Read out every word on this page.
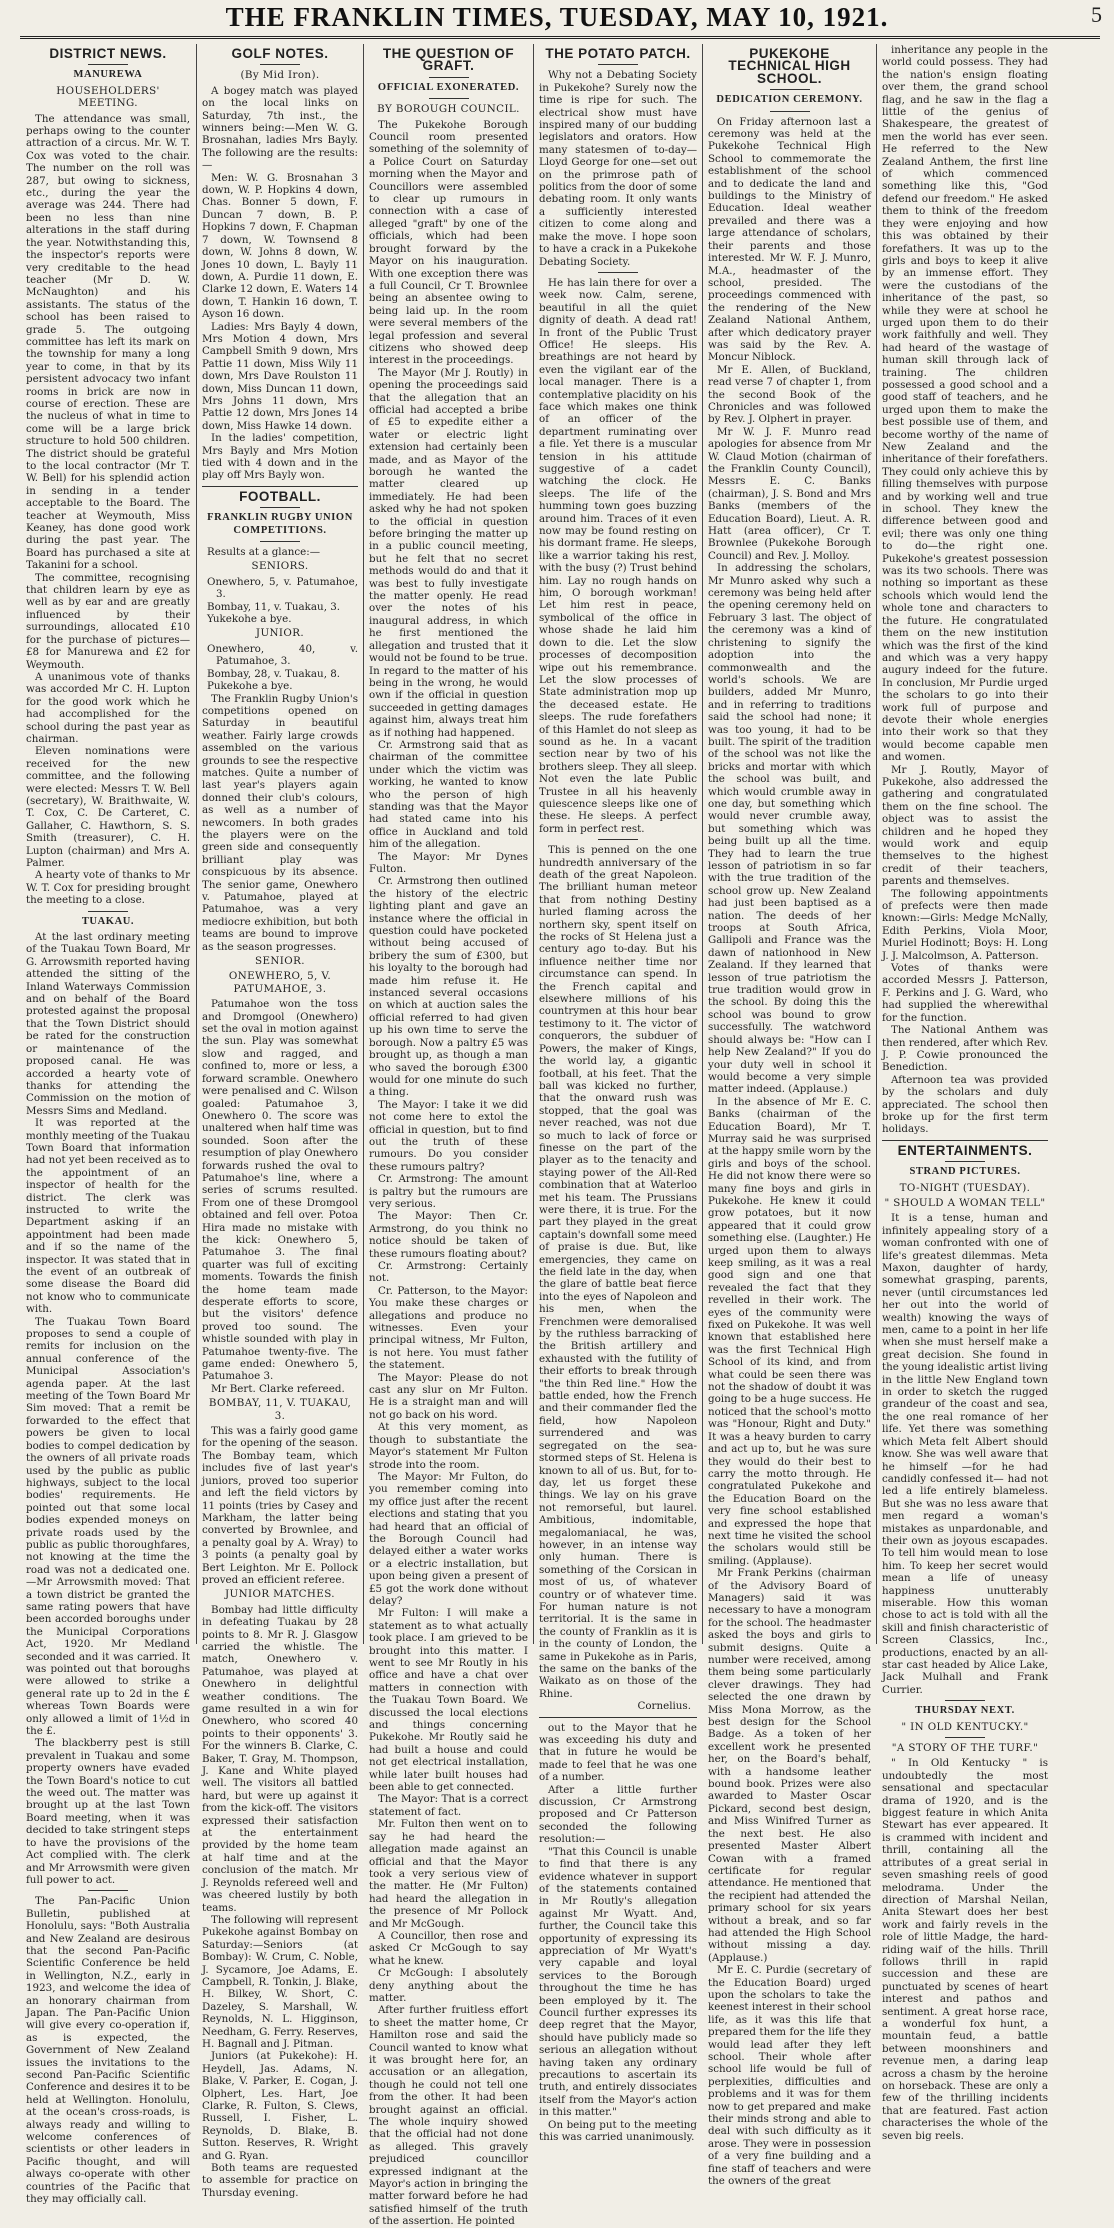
THE FRANKLIN TIMES, TUESDAY, MAY 10, 1921.	5
DISTRICT NEWS.
MANUREWA
HOUSEHOLDERS' MEETING.

The attendance was small, perhaps owing to the counter attraction of a circus. Mr. W. T. Cox was voted to the chair. The number on the roll was 287, but owing to sickness, etc., during the year the average was 244. There had been no less than nine alterations in the staff during the year. Notwithstanding this, the inspector's reports were very creditable to the head teacher (Mr D. W. McNaughton) and his assistants. The status of the school has been raised to grade 5. The outgoing committee has left its mark on the township for many a long year to come, in that by its persistent advocacy two infant rooms in brick are now in course of erection. These are the nucleus of what in time to come will be a large brick structure to hold 500 children. The district should be grateful to the local contractor (Mr T. W. Bell) for his splendid action in sending in a tender acceptable to the Board. The teacher at Weymouth, Miss Keaney, has done good work during the past year. The Board has purchased a site at Takanini for a school.

The committee, recognising that children learn by eye as well as by ear and are greatly influenced by their surroundings, allocated £10 for the purchase of pictures—£8 for Manurewa and £2 for Weymouth.

A unanimous vote of thanks was accorded Mr C. H. Lupton for the good work which he had accomplished for the school during the past year as chairman.

Eleven nominations were received for the new committee, and the following were elected: Messrs T. W. Bell (secretary), W. Braithwaite, W. T. Cox, C. De Carteret, C. Gallaher, C. Hawthorn, S. S. Smith (treasurer), C. H. Lupton (chairman) and Mrs A. Palmer.

A hearty vote of thanks to Mr W. T. Cox for presiding brought the meeting to a close.

TUAKAU.

At the last ordinary meeting of the Tuakau Town Board, Mr G. Arrowsmith reported having attended the sitting of the Inland Waterways Commission and on behalf of the Board protested against the proposal that the Town District should be rated for the construction or maintenance of the proposed canal. He was accorded a hearty vote of thanks for attending the Commission on the motion of Messrs Sims and Medland.

It was reported at the monthly meeting of the Tuakau Town Board that information had not yet been received as to the appointment of an inspector of health for the district. The clerk was instructed to write the Department asking if an appointment had been made and if so the name of the inspector. It was stated that in the event of an outbreak of some disease the Board did not know who to communicate with.

The Tuakau Town Board proposes to send a couple of remits for inclusion on the annual conference of the Municipal Association's agenda paper. At the last meeting of the Town Board Mr Sim moved: That a remit be forwarded to the effect that powers be given to local bodies to compel dedication by the owners of all private roads used by the public as public highways, subject to the local bodies' requirements. He pointed out that some local bodies expended moneys on private roads used by the public as public thoroughfares, not knowing at the time the road was not a dedicated one.—Mr Arrowsmith moved: That a town district be granted the same rating powers that have been accorded boroughs under the Municipal Corporations Act, 1920. Mr Medland seconded and it was carried. It was pointed out that boroughs were allowed to strike a general rate up to 2d in the £ whereas Town Boards were only allowed a limit of 1½d in the £.

The blackberry pest is still prevalent in Tuakau and some property owners have evaded the Town Board's notice to cut the weed out. The matter was brought up at the last Town Board meeting, when it was decided to take stringent steps to have the provisions of the Act complied with. The clerk and Mr Arrowsmith were given full power to act.

The Pan-Pacific Union Bulletin, published at Honolulu, says: "Both Australia and New Zealand are desirous that the second Pan-Pacific Scientific Conference be held in Wellington, N.Z., early in 1923, and welcome the idea of an honorary chairman from Japan. The Pan-Pacific Union will give every co-operation if, as is expected, the Government of New Zealand issues the invitations to the second Pan-Pacific Scientific Conference and desires it to be held at Wellington. Honolulu, at the ocean's cross-roads, is always ready and willing to welcome conferences of scientists or other leaders in Pacific thought, and will always co-operate with other countries of the Pacific that they may officially call.

GOLF NOTES.
(By Mid Iron).

A bogey match was played on the local links on Saturday, 7th inst., the winners being:—Men W. G. Brosnahan, ladies Mrs Bayly. The following are the results:—

Men: W. G. Brosnahan 3 down, W. P. Hopkins 4 down, Chas. Bonner 5 down, F. Duncan 7 down, B. P. Hopkins 7 down, F. Chapman 7 down, W. Townsend 8 down, W. Johns 8 down, W. Jones 10 down, L. Bayly 11 down, A. Purdie 11 down, E. Clarke 12 down, E. Waters 14 down, T. Hankin 16 down, T. Ayson 16 down.

Ladies: Mrs Bayly 4 down, Mrs Motion 4 down, Mrs Campbell Smith 9 down, Mrs Pattie 11 down, Miss Wily 11 down, Mrs Dave Roulston 11 down, Miss Duncan 11 down, Mrs Johns 11 down, Mrs Pattie 12 down, Mrs Jones 14 down, Miss Hawke 14 down.

In the ladies' competition, Mrs Bayly and Mrs Motion tied with 4 down and in the play off Mrs Bayly won.

FOOTBALL.
FRANKLIN RUGBY UNION COMPETITIONS.

Results at a glance:—

SENIORS.

Onewhero, 5, v. Patumahoe, 3.

Bombay, 11, v. Tuakau, 3.

Yukekohe a bye.

JUNIOR.

Onewhero, 40, v. Patumahoe, 3.

Bombay, 28, v. Tuakau, 8.

Pukekohe a bye.

The Franklin Rugby Union's competitions opened on Saturday in beautiful weather. Fairly large crowds assembled on the various grounds to see the respective matches. Quite a number of last year's players again donned their club's colours, as well as a number of newcomers. In both grades the players were on the green side and consequently brilliant play was conspicuous by its absence. The senior game, Onewhero v. Patumahoe, played at Patumahoe, was a very mediocre exhibition, but both teams are bound to improve as the season progresses.

SENIOR.
ONEWHERO, 5, V. PATUMAHOE, 3.

Patumahoe won the toss and Dromgool (Onewhero) set the oval in motion against the sun. Play was somewhat slow and ragged, and confined to, more or less, a forward scramble. Onewhero were penalised and C. Wilson goaled: Patumahoe 3, Onewhero 0. The score was unaltered when half time was sounded. Soon after the resumption of play Onewhero forwards rushed the oval to Patumahoe's line, where a series of scrums resulted. From one of these Dromgool obtained and fell over. Potoa Hira made no mistake with the kick: Onewhero 5, Patumahoe 3. The final quarter was full of exciting moments. Towards the finish the home team made desperate efforts to score, but the visitors' defence proved too sound. The whistle sounded with play in Patumahoe twenty-five. The game ended: Onewhero 5, Patumahoe 3.

Mr Bert. Clarke refereed.

BOMBAY, 11, V. TUAKAU, 3.

This was a fairly good game for the opening of the season. The Bombay team, which includes five of last year's juniors, proved too superior and left the field victors by 11 points (tries by Casey and Markham, the latter being converted by Brownlee, and a penalty goal by A. Wray) to 3 points (a penalty goal by Bert Leighton. Mr E. Pollock proved an efficient referee.

JUNIOR MATCHES.

Bombay had little difficulty in defeating Tuakau by 28 points to 8. Mr R. J. Glasgow carried the whistle. The match, Onewhero v. Patumahoe, was played at Onewhero in delightful weather conditions. The game resulted in a win for Onewhero, who scored 40 points to their opponents' 3. For the winners B. Clarke, C. Baker, T. Gray, M. Thompson, J. Kane and White played well. The visitors all battled hard, but were up against it from the kick-off. The visitors expressed their satisfaction at the entertainment provided by the home team at half time and at the conclusion of the match. Mr J. Reynolds refereed well and was cheered lustily by both teams.

The following will represent Pukekohe against Bombay on Saturday:—Seniors (at Bombay): W. Crum, C. Noble, J. Sycamore, Joe Adams, E. Campbell, R. Tonkin, J. Blake, H. Bilkey, W. Short, C. Dazeley, S. Marshall, W. Reynolds, N. L. Higginson, Needham, G. Ferry. Reserves, H. Bagnall and J. Pitman.

Juniors (at Pukekohe): H. Heydell, Jas. Adams, N. Blake, V. Parker, E. Cogan, J. Olphert, Les. Hart, Joe Clarke, R. Fulton, S. Clews, Russell, I. Fisher, L. Reynolds, D. Blake, B. Sutton. Reserves, R. Wright and G. Ryan.

Both teams are requested to assemble for practice on Thursday evening.

THE QUESTION OF GRAFT.
OFFICIAL EXONERATED.
BY BOROUGH COUNCIL.

The Pukekohe Borough Council room presented something of the solemnity of a Police Court on Saturday morning when the Mayor and Councillors were assembled to clear up rumours in connection with a case of alleged "graft" by one of the officials, which had been brought forward by the Mayor on his inauguration. With one exception there was a full Council, Cr T. Brownlee being an absentee owing to being laid up. In the room were several members of the legal profession and several citizens who showed deep interest in the proceedings.

The Mayor (Mr J. Routly) in opening the proceedings said that the allegation that an official had accepted a bribe of £5 to expedite either a water or electric light extension had certainly been made, and as Mayor of the borough he wanted the matter cleared up immediately. He had been asked why he had not spoken to the official in question before bringing the matter up in a public council meeting, but he felt that no secret methods would do and that it was best to fully investigate the matter openly. He read over the notes of his inaugural address, in which he first mentioned the allegation and trusted that it would not be found to be true. In regard to the matter of his being in the wrong, he would own if the official in question succeeded in getting damages against him, always treat him as if nothing had happened.

Cr. Armstrong said that as chairman of the committee under which the victim was working, he wanted to know who the person of high standing was that the Mayor had stated came into his office in Auckland and told him of the allegation.

The Mayor: Mr Dynes Fulton.

Cr. Armstrong then outlined the history of the electric lighting plant and gave an instance where the official in question could have pocketed without being accused of bribery the sum of £300, but his loyalty to the borough had made him refuse it. He instanced several occasions on which at auction sales the official referred to had given up his own time to serve the borough. Now a paltry £5 was brought up, as though a man who saved the borough £300 would for one minute do such a thing.

The Mayor: I take it we did not come here to extol the official in question, but to find out the truth of these rumours. Do you consider these rumours paltry?

Cr. Armstrong: The amount is paltry but the rumours are very serious.

The Mayor: Then Cr. Armstrong, do you think no notice should be taken of these rumours floating about?

Cr. Armstrong: Certainly not.

Cr. Patterson, to the Mayor: You make these charges or allegations and produce no witnesses. Even your principal witness, Mr Fulton, is not here. You must father the statement.

The Mayor: Please do not cast any slur on Mr Fulton. He is a straight man and will not go back on his word.

At this very moment, as though to substantiate the Mayor's statement Mr Fulton strode into the room.

The Mayor: Mr Fulton, do you remember coming into my office just after the recent elections and stating that you had heard that an official of the Borough Council had delayed either a water works or a electric installation, but upon being given a present of £5 got the work done without delay?

Mr Fulton: I will make a statement as to what actually took place. I am grieved to be brought into this matter. I went to see Mr Routly in his office and have a chat over matters in connection with the Tuakau Town Board. We discussed the local elections and things concerning Pukekohe. Mr Routly said he had built a house and could not get electrical installation, while later built houses had been able to get connected.

The Mayor: That is a correct statement of fact.

Mr. Fulton then went on to say he had heard the allegation made against an official and that the Mayor took a very serious view of the matter. He (Mr Fulton) had heard the allegation in the presence of Mr Pollock and Mr McGough.

A Councillor, then rose and asked Cr McGough to say what he knew.

Cr McGough: I absolutely deny anything about the matter.

After further fruitless effort to sheet the matter home, Cr Hamilton rose and said the Council wanted to know what it was brought here for, an accusation or an allegation, though he could not tell one from the other. It had been brought against an official. The whole inquiry showed that the official had not done as alleged. This gravely prejudiced councillor expressed indignant at the Mayor's action in bringing the matter forward before he had satisfied himself of the truth of the assertion. He pointed

THE POTATO PATCH.

Why not a Debating Society in Pukekohe? Surely now the time is ripe for such. The electrical show must have inspired many of our budding legislators and orators. How many statesmen of to-day—Lloyd George for one—set out on the primrose path of politics from the door of some debating room. It only wants a sufficiently interested citizen to come along and make the move. I hope soon to have a crack in a Pukekohe Debating Society.

He has lain there for over a week now. Calm, serene, beautiful in all the quiet dignity of death. A dead rat! In front of the Public Trust Office! He sleeps. His breathings are not heard by even the vigilant ear of the local manager. There is a contemplative placidity on his face which makes one think of an officer of the department ruminating over a file. Yet there is a muscular tension in his attitude suggestive of a cadet watching the clock. He sleeps. The life of the humming town goes buzzing around him. Traces of it even now may be found resting on his dormant frame. He sleeps, like a warrior taking his rest, with the busy (?) Trust behind him. Lay no rough hands on him, O borough workman! Let him rest in peace, symbolical of the office in whose shade he laid him down to die. Let the slow processes of decomposition wipe out his remembrance. Let the slow processes of State administration mop up the deceased estate. He sleeps. The rude forefathers of this Hamlet do not sleep as sound as he. In a vacant section near by two of his brothers sleep. They all sleep. Not even the late Public Trustee in all his heavenly quiescence sleeps like one of these. He sleeps. A perfect form in perfect rest.

This is penned on the one hundredth anniversary of the death of the great Napoleon. The brilliant human meteor that from nothing Destiny hurled flaming across the northern sky, spent itself on the rocks of St Helena just a century ago to-day. But his influence neither time nor circumstance can spend. In the French capital and elsewhere millions of his countrymen at this hour bear testimony to it. The victor of conquerors, the subduer of Powers, the maker of Kings, the world lay, a gigantic football, at his feet. That the ball was kicked no further, that the onward rush was stopped, that the goal was never reached, was not due so much to lack of force or finesse on the part of the player as to the tenacity and staying power of the All-Red combination that at Waterloo met his team. The Prussians were there, it is true. For the part they played in the great captain's downfall some meed of praise is due. But, like emergencies, they came on the field late in the day, when the glare of battle beat fierce into the eyes of Napoleon and his men, when the Frenchmen were demoralised by the ruthless barracking of the British artillery and exhausted with the futility of their efforts to break through "the thin Red line." How the battle ended, how the French and their commander fled the field, how Napoleon surrendered and was segregated on the sea-stormed steps of St. Helena is known to all of us. But, for to-day, let us forget these things. We lay on his grave not remorseful, but laurel. Ambitious, indomitable, megalomaniacal, he was, however, in an intense way only human. There is something of the Corsican in most of us, of whatever country or of whatever time. For human nature is not territorial. It is the same in the county of Franklin as it is in the county of London, the same in Pukekohe as in Paris, the same on the banks of the Waikato as on those of the Rhine.

Cornelius.

out to the Mayor that he was exceeding his duty and that in future he would be made to feel that he was one of a number.

After a little further discussion, Cr Armstrong proposed and Cr Patterson seconded the following resolution:—

"That this Council is unable to find that there is any evidence whatever in support of the statements contained in Mr Routly's allegation against Mr Wyatt. And, further, the Council take this opportunity of expressing its appreciation of Mr Wyatt's very capable and loyal services to the Borough throughout the time he has been employed by it. The Council further expresses its deep regret that the Mayor, should have publicly made so serious an allegation without having taken any ordinary precautions to ascertain its truth, and entirely dissociates itself from the Mayor's action in this matter."

On being put to the meeting this was carried unanimously.

PUKEKOHE TECHNICAL HIGH SCHOOL.
DEDICATION CEREMONY.

On Friday afternoon last a ceremony was held at the Pukekohe Technical High School to commemorate the establishment of the school and to dedicate the land and buildings to the Ministry of Education. Ideal weather prevailed and there was a large attendance of scholars, their parents and those interested. Mr W. F. J. Munro, M.A., headmaster of the school, presided. The proceedings commenced with the rendering of the New Zealand National Anthem, after which dedicatory prayer was said by the Rev. A. Moncur Niblock.

Mr E. Allen, of Buckland, read verse 7 of chapter 1, from the second Book of the Chronicles and was followed by Rev. J. Olphert in prayer.

Mr W. J. F. Munro read apologies for absence from Mr W. Claud Motion (chairman of the Franklin County Council), Messrs E. C. Banks (chairman), J. S. Bond and Mrs Banks (members of the Education Board), Lieut. A. R. Hatt (area officer), Cr T. Brownlee (Pukekohe Borough Council) and Rev. J. Molloy.

In addressing the scholars, Mr Munro asked why such a ceremony was being held after the opening ceremony held on February 3 last. The object of the ceremony was a kind of christening to signify the adoption into the commonwealth and the world's schools. We are builders, added Mr Munro, and in referring to traditions said the school had none; it was too young, it had to be built. The spirit of the tradition of the school was not like the bricks and mortar with which the school was built, and which would crumble away in one day, but something which would never crumble away, but something which was being built up all the time. They had to learn the true lesson of patriotism in so far with the true tradition of the school grow up. New Zealand had just been baptised as a nation. The deeds of her troops at South Africa, Gallipoli and France was the dawn of nationhood in New Zealand. If they learned that lesson of true patriotism the true tradition would grow in the school. By doing this the school was bound to grow successfully. The watchword should always be: "How can I help New Zealand?" If you do your duty well in school it would become a very simple matter indeed. (Applause.)

In the absence of Mr E. C. Banks (chairman of the Education Board), Mr T. Murray said he was surprised at the happy smile worn by the girls and boys of the school. He did not know there were so many fine boys and girls in Pukekohe. He knew it could grow potatoes, but it now appeared that it could grow something else. (Laughter.) He urged upon them to always keep smiling, as it was a real good sign and one that revealed the fact that they revelled in their work. The eyes of the community were fixed on Pukekohe. It was well known that established here was the first Technical High School of its kind, and from what could be seen there was not the shadow of doubt it was going to be a huge success. He noticed that the school's motto was "Honour, Right and Duty." It was a heavy burden to carry and act up to, but he was sure they would do their best to carry the motto through. He congratulated Pukekohe and the Education Board on the very fine school established and expressed the hope that next time he visited the school the scholars would still be smiling. (Applause).

Mr Frank Perkins (chairman of the Advisory Board of Managers) said it was necessary to have a monogram for the school. The headmaster asked the boys and girls to submit designs. Quite a number were received, among them being some particularly clever drawings. They had selected the one drawn by Miss Mona Morrow, as the best design for the School Badge. As a token of her excellent work he presented her, on the Board's behalf, with a handsome leather bound book. Prizes were also awarded to Master Oscar Pickard, second best design, and Miss Winifred Turner as the next best. He also presented Master Albert Cowan with a framed certificate for regular attendance. He mentioned that the recipient had attended the primary school for six years without a break, and so far had attended the High School without missing a day. (Applause.)

Mr E. C. Purdie (secretary of the Education Board) urged upon the scholars to take the keenest interest in their school life, as it was this life that prepared them for the life they would lead after they left school. Their whole after school life would be full of perplexities, difficulties and problems and it was for them now to get prepared and make their minds strong and able to deal with such difficulty as it arose. They were in possession of a very fine building and a fine staff of teachers and were the owners of the great

inheritance any people in the world could possess. They had the nation's ensign floating over them, the grand school flag, and he saw in the flag a little of the genius of Shakespeare, the greatest of men the world has ever seen. He referred to the New Zealand Anthem, the first line of which commenced something like this, "God defend our freedom." He asked them to think of the freedom they were enjoying and how this was obtained by their forefathers. It was up to the girls and boys to keep it alive by an immense effort. They were the custodians of the inheritance of the past, so while they were at school he urged upon them to do their work faithfully and well. They had heard of the wastage of human skill through lack of training. The children possessed a good school and a good staff of teachers, and he urged upon them to make the best possible use of them, and become worthy of the name of New Zealand and the inheritance of their forefathers. They could only achieve this by filling themselves with purpose and by working well and true in school. They knew the difference between good and evil; there was only one thing to do—the right one. Pukekohe's greatest possession was its two schools. There was nothing so important as these schools which would lend the whole tone and characters to the future. He congratulated them on the new institution which was the first of the kind and which was a very happy augury indeed for the future. In conclusion, Mr Purdie urged the scholars to go into their work full of purpose and devote their whole energies into their work so that they would become capable men and women.

Mr J. Routly, Mayor of Pukekohe, also addressed the gathering and congratulated them on the fine school. The object was to assist the children and he hoped they would work and equip themselves to the highest credit of their teachers, parents and themselves.

The following appointments of prefects were then made known:—Girls: Medge McNally, Edith Perkins, Viola Moor, Muriel Hodinott; Boys: H. Long J. J. Malcolmson, A. Patterson.

Votes of thanks were accorded Messrs J. Patterson, F. Perkins and J. G. Ward, who had supplied the wherewithal for the function.

The National Anthem was then rendered, after which Rev. J. P. Cowie pronounced the Benediction.

Afternoon tea was provided by the scholars and duly appreciated. The school then broke up for the first term holidays.

ENTERTAINMENTS.
STRAND PICTURES.
TO-NIGHT (TUESDAY).
" SHOULD A WOMAN TELL"

It is a tense, human and infinitely appealing story of a woman confronted with one of life's greatest dilemmas. Meta Maxon, daughter of hardy, somewhat grasping, parents, never (until circumstances led her out into the world of wealth) knowing the ways of men, came to a point in her life when she must herself make a great decision. She found in the young idealistic artist living in the little New England town in order to sketch the rugged grandeur of the coast and sea, the one real romance of her life. Yet there was something which Meta felt Albert should know. She was well aware that he himself —for he had candidly confessed it— had not led a life entirely blameless. But she was no less aware that men regard a woman's mistakes as unpardonable, and their own as joyous escapades. To tell him would mean to lose him. To keep her secret would mean a life of uneasy happiness unutterably miserable. How this woman chose to act is told with all the skill and finish characteristic of Screen Classics, Inc., productions, enacted by an all-star cast headed by Alice Lake, Jack Mulhall and Frank Currier.

THURSDAY NEXT.
" IN OLD KENTUCKY."
"A STORY OF THE TURF."

" In Old Kentucky " is undoubtedly the most sensational and spectacular drama of 1920, and is the biggest feature in which Anita Stewart has ever appeared. It is crammed with incident and thrill, containing all the attributes of a great serial in seven smashing reels of good melodrama. Under the direction of Marshal Neilan, Anita Stewart does her best work and fairly revels in the role of little Madge, the hard-riding waif of the hills. Thrill follows thrill in rapid succession and these are punctuated by scenes of heart interest and pathos and sentiment. A great horse race, a wonderful fox hunt, a mountain feud, a battle between moonshiners and revenue men, a daring leap across a chasm by the heroine on horseback. These are only a few of the thrilling incidents that are featured. Fast action characterises the whole of the seven big reels.
